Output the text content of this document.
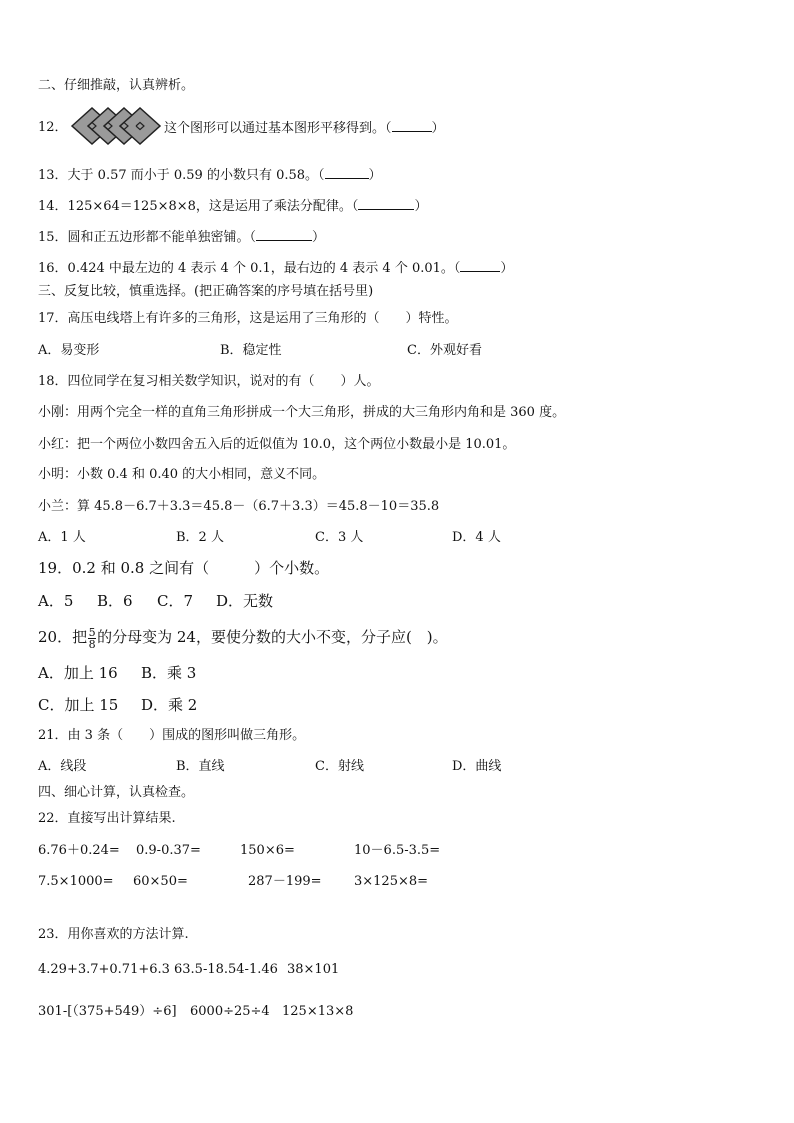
二、仔细推敲，认真辨析。
12．	这个图形可以通过基本图形平移得到。（	）
13．大于 0.57 而小于 0.59 的小数只有 0.58。（	）
14．125×64＝125×8×8，这是运用了乘法分配律。（	）
15．圆和正五边形都不能单独密铺。（	）
16．0.424 中最左边的 4 表示 4 个 0.1，最右边的 4 表示 4 个 0.01。（	）
三、反复比较，慎重选择。(把正确答案的序号填在括号里)
17．高压电线塔上有许多的三角形，这是运用了三角形的（　　）特性。
A．易变形	B．稳定性	C．外观好看
18．四位同学在复习相关数学知识，说对的有（　　）人。
小刚：用两个完全一样的直角三角形拼成一个大三角形，拼成的大三角形内角和是 360 度。
小红：把一个两位小数四舍五入后的近似值为 10.0，这个两位小数最小是 10.01。
小明：小数 0.4 和 0.40 的大小相同，意义不同。
小兰：算 45.8－6.7＋3.3＝45.8－（6.7＋3.3）＝45.8－10＝35.8
A．1 人	B．2 人	C．3 人	D．4 人
19．0.2 和 0.8 之间有（　　　）个小数。
A．5 B．6 C．7 D．无数
20．把 $\frac{5}{8}$ 的分母变为 24，要使分数的大小不变，分子应(　)。
A．加上 16 B．乘 3
C．加上 15 D．乘 2
21．由 3 条（　　）围成的图形叫做三角形。
A．线段	B．直线	C．射线	D．曲线
四、细心计算，认真检查。
22．直接写出计算结果.
6.76＋0.24= 0.9-0.37=	150×6=	10－6.5-3.5=
7.5×1000= 60×50=	287－199= 3×125×8=
23．用你喜欢的方法计算.
4.29+3.7+0.71+6.3 63.5-18.54-1.46 38×101
301-[（375+549）÷6] 6000÷25÷4 125×13×8
